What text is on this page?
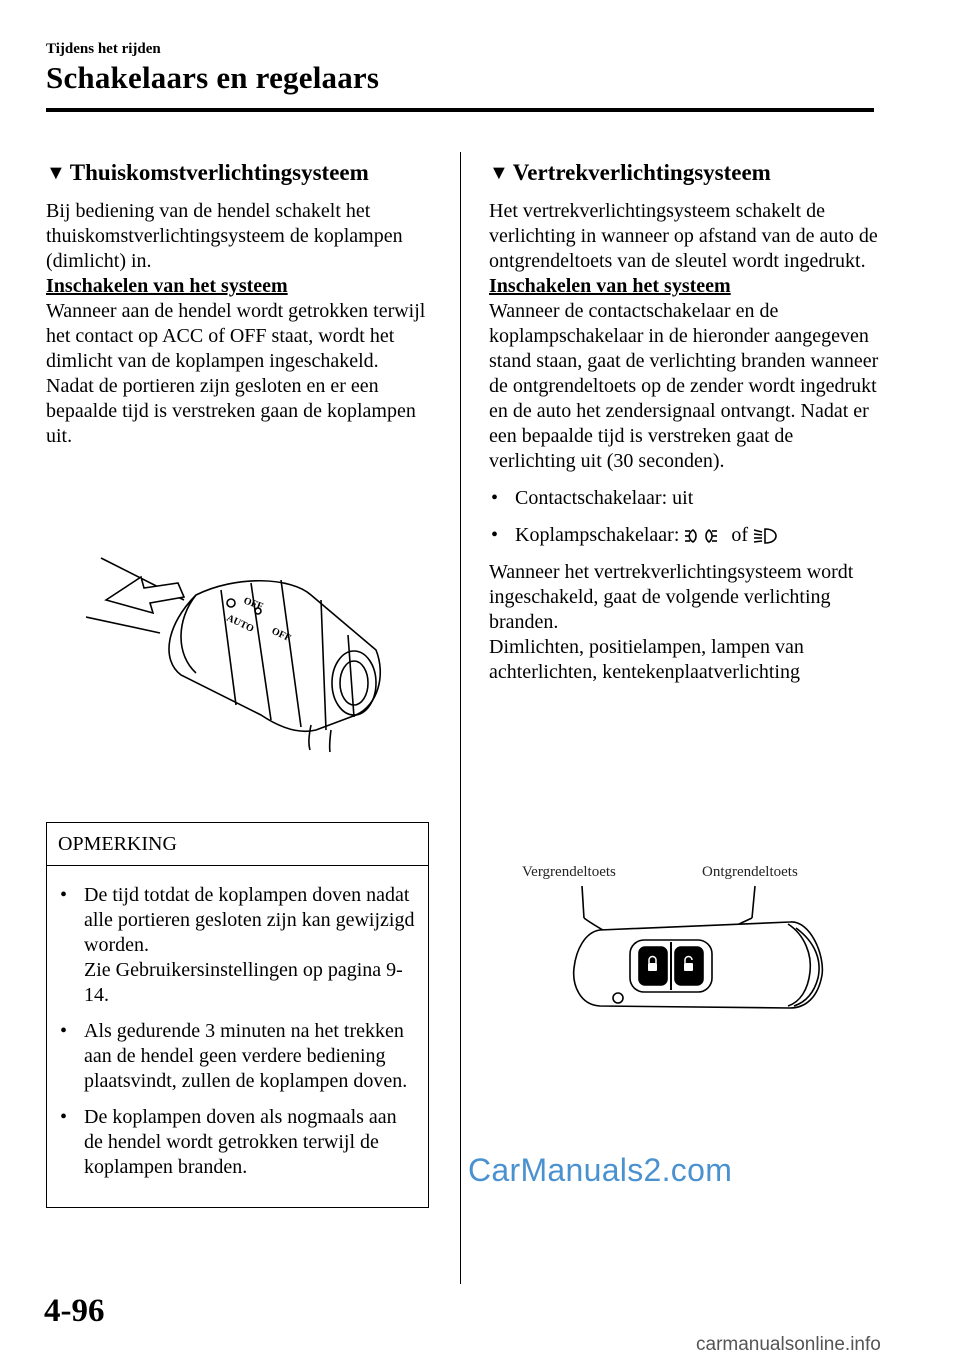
Tijdens het rijden
Schakelaars en regelaars
▼ Thuiskomstverlichtingsysteem

Bij bediening van de hendel schakelt het thuiskomstverlichtingsysteem de koplampen (dimlicht) in.

Inschakelen van het systeem

Wanneer aan de hendel wordt getrokken terwijl het contact op ACC of OFF staat, wordt het dimlicht van de koplampen ingeschakeld.

Nadat de portieren zijn gesloten en er een bepaalde tijd is verstreken gaan de koplampen uit.

OFF
AUTO
OFF
OPMERKING
• De tijd totdat de koplampen doven nadat alle portieren gesloten zijn kan gewijzigd worden.
Zie Gebruikersinstellingen op pagina 9-14.
• Als gedurende 3 minuten na het trekken aan de hendel geen verdere bediening plaatsvindt, zullen de koplampen doven.
• De koplampen doven als nogmaals aan de hendel wordt getrokken terwijl de koplampen branden.
▼ Vertrekverlichtingsysteem

Het vertrekverlichtingsysteem schakelt de verlichting in wanneer op afstand van de auto de ontgrendeltoets van de sleutel wordt ingedrukt.

Inschakelen van het systeem

Wanneer de contactschakelaar en de koplampschakelaar in de hieronder aangegeven stand staan, gaat de verlichting branden wanneer de ontgrendeltoets op de zender wordt ingedrukt en de auto het zendersignaal ontvangt. Nadat er een bepaalde tijd is verstreken gaat de verlichting uit (30 seconden).

• Contactschakelaar: uit
• Koplampschakelaar:	of

Wanneer het vertrekverlichtingsysteem wordt ingeschakeld, gaat de volgende verlichting branden.

Dimlichten, positielampen, lampen van achterlichten, kentekenplaatverlichting

Vergrendeltoets	Ontgrendeltoets
4-96
CarManuals2.com
carmanualsonline.info
